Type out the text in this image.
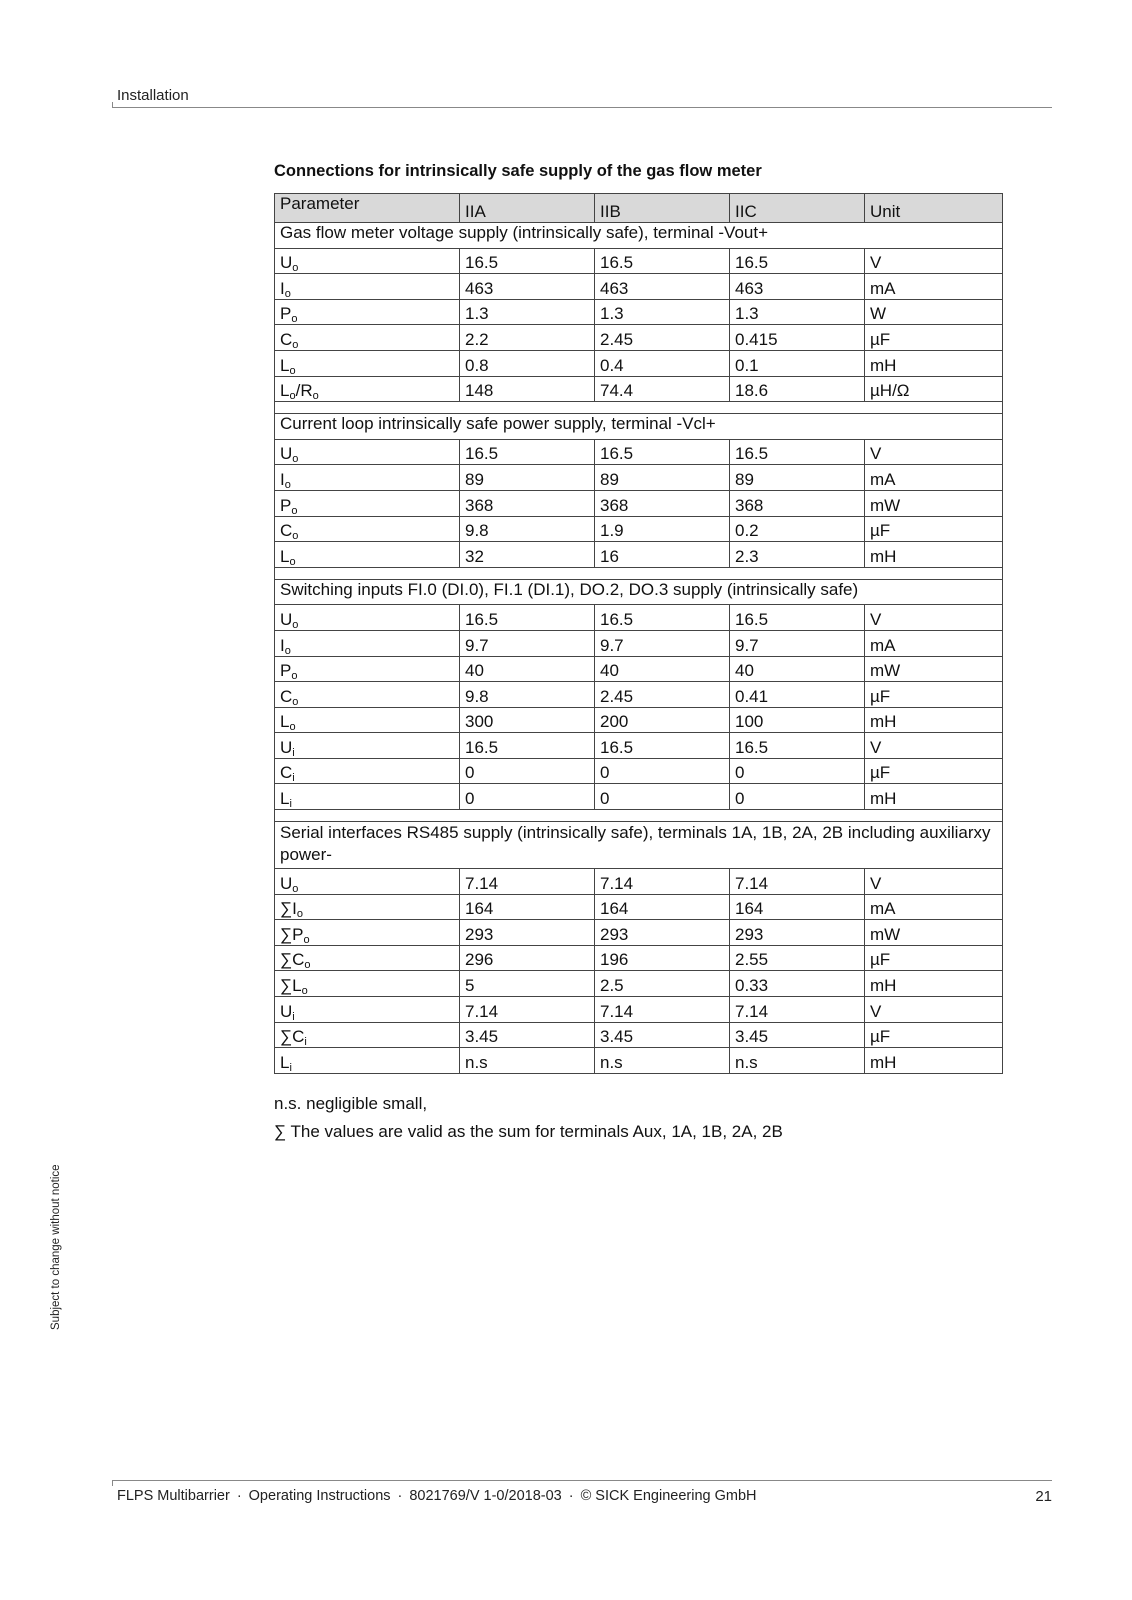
Installation
Connections for intrinsically safe supply of the gas flow meter
Parameter	IIA	IIB	IIC	Unit
Gas flow meter voltage supply (intrinsically safe), terminal -Vout+				
$U_o$	16.5	16.5	16.5	V
$I_o$	463	463	463	mA
$P_o$	1.3	1.3	1.3	W
$C_o$	2.2	2.45	0.415	µF
$L_o$	0.8	0.4	0.1	mH
$L_o/R_o$	148	74.4	18.6	µH/Ω

Current loop intrinsically safe power supply, terminal -Vcl+				
$U_o$	16.5	16.5	16.5	V
$I_o$	89	89	89	mA
$P_o$	368	368	368	mW
$C_o$	9.8	1.9	0.2	µF
$L_o$	32	16	2.3	mH

Switching inputs FI.0 (DI.0), FI.1 (DI.1), DO.2, DO.3 supply (intrinsically safe)				
$U_o$	16.5	16.5	16.5	V
$I_o$	9.7	9.7	9.7	mA
$P_o$	40	40	40	mW
$C_o$	9.8	2.45	0.41	µF
$L_o$	300	200	100	mH
$U_i$	16.5	16.5	16.5	V
$C_i$	0	0	0	µF
$L_i$	0	0	0	mH

Serial interfaces RS485 supply (intrinsically safe), terminals 1A, 1B, 2A, 2B including auxiliarxy power-				
$U_o$	7.14	7.14	7.14	V
$\sum I_o$	164	164	164	mA
$\sum P_o$	293	293	293	mW
$\sum C_o$	296	196	2.55	µF
$\sum L_o$	5	2.5	0.33	mH
$U_i$	7.14	7.14	7.14	V
$\sum C_i$	3.45	3.45	3.45	µF
$L_i$	n.s	n.s	n.s	mH
n.s. negligible small,
∑ The values are valid as the sum for terminals Aux, 1A, 1B, 2A, 2B
Subject to change without notice
FLPS Multibarrier · Operating Instructions · 8021769/V 1-0/2018-03 · © SICK Engineering GmbH	21
